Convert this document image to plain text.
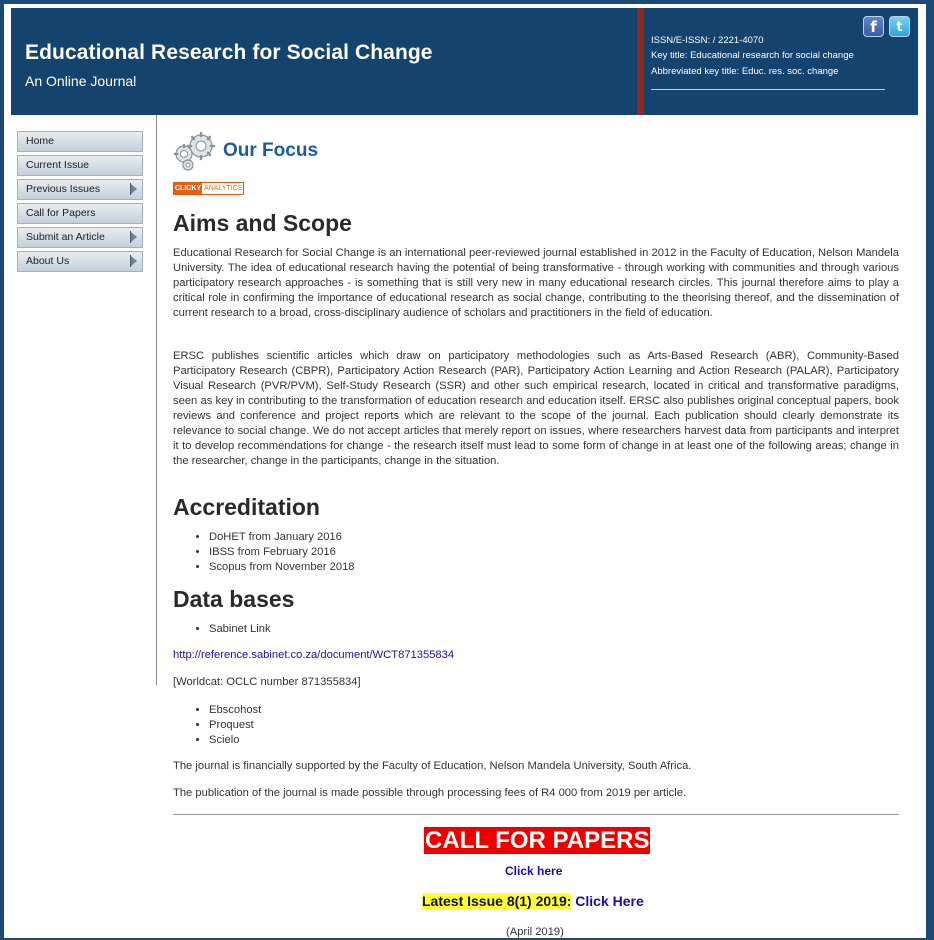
Educational Research for Social Change
An Online Journal
ISSN/E-ISSN: / 2221-4070
Key title: Educational research for social change
Abbreviated key title: Educ. res. soc. change
f	t
Home
Current Issue
Previous Issues
Call for Papers
Submit an Article
About Us
Our Focus
CLICKY ANALYTICS
Aims and Scope

Educational Research for Social Change is an international peer-reviewed journal established in 2012 in the Faculty of Education, Nelson Mandela University. The idea of educational research having the potential of being transformative - through working with communities and through various participatory research approaches - is something that is still very new in many educational research circles. This journal therefore aims to play a critical role in confirming the importance of educational research as social change, contributing to the theorising thereof, and the dissemination of current research to a broad, cross-disciplinary audience of scholars and practitioners in the field of education.

ERSC publishes scientific articles which draw on participatory methodologies such as Arts-Based Research (ABR), Community-Based Participatory Research (CBPR), Participatory Action Research (PAR), Participatory Action Learning and Action Research (PALAR), Participatory Visual Research (PVR/PVM), Self-Study Research (SSR) and other such empirical research, located in critical and transformative paradigms, seen as key in contributing to the transformation of education research and education itself. ERSC also publishes original conceptual papers, book reviews and conference and project reports which are relevant to the scope of the journal. Each publication should clearly demonstrate its relevance to social change. We do not accept articles that merely report on issues, where researchers harvest data from participants and interpret it to develop recommendations for change - the research itself must lead to some form of change in at least one of the following areas; change in the researcher, change in the participants, change in the situation.

Accreditation
• DoHET from January 2016
• IBSS from February 2016
• Scopus from November 2018
Data bases
• Sabinet Link
http://reference.sabinet.co.za/document/WCT871355834
[Worldcat: OCLC number 871355834]
• Ebscohost
• Proquest
• Scielo
The journal is financially supported by the Faculty of Education, Nelson Mandela University, South Africa.
The publication of the journal is made possible through processing fees of R4 000 from 2019 per article.
CALL FOR PAPERS
Click here
Latest Issue 8(1) 2019: Click Here
(April 2019)
